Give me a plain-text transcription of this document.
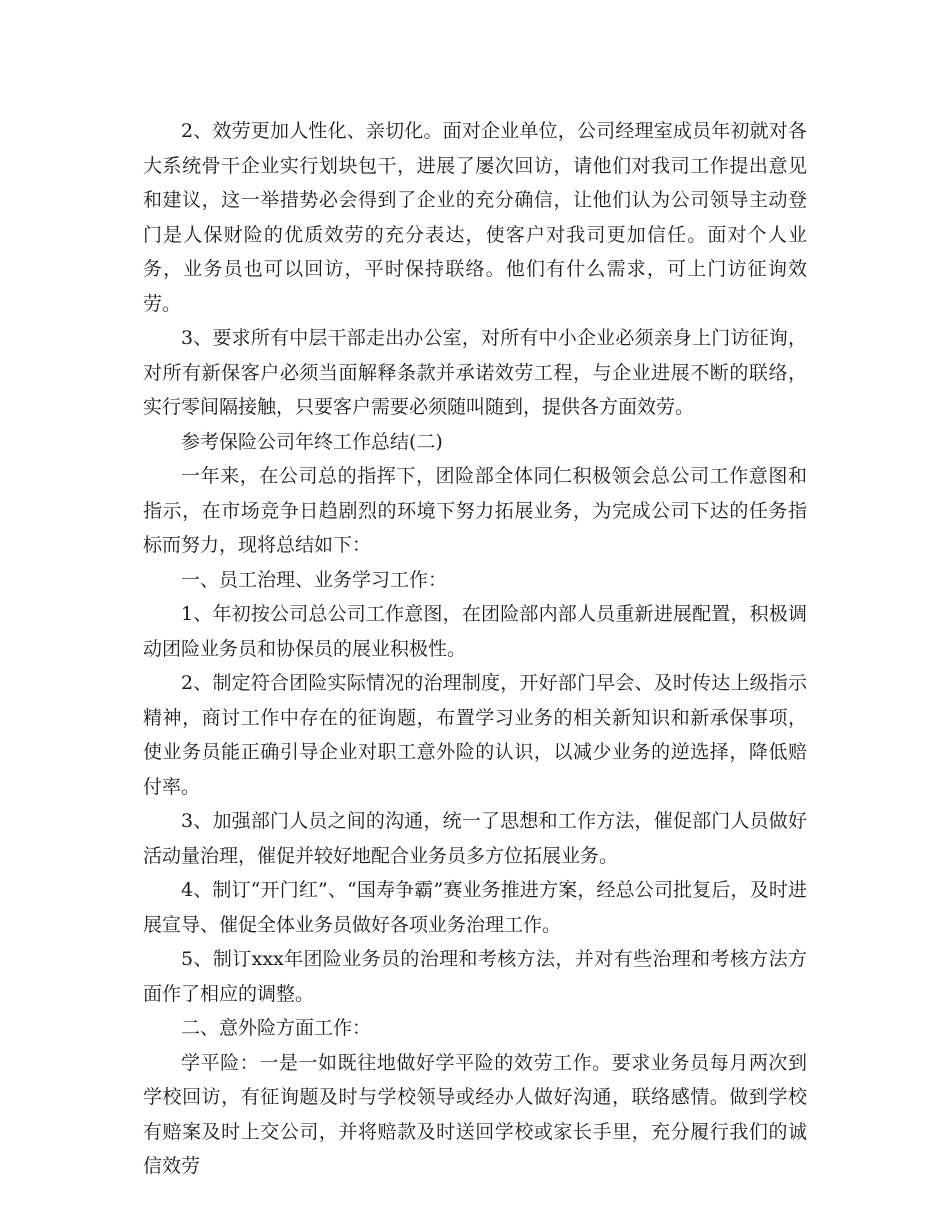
2、效劳更加人性化、亲切化。面对企业单位，公司经理室成员年初就对各大系统骨干企业实行划块包干，进展了屡次回访，请他们对我司工作提出意见和建议，这一举措势必会得到了企业的充分确信，让他们认为公司领导主动登门是人保财险的优质效劳的充分表达，使客户对我司更加信任。面对个人业务，业务员也可以回访，平时保持联络。他们有什么需求，可上门访征询效劳。

3、要求所有中层干部走出办公室，对所有中小企业必须亲身上门访征询，对所有新保客户必须当面解释条款并承诺效劳工程，与企业进展不断的联络，实行零间隔接触，只要客户需要必须随叫随到，提供各方面效劳。

参考保险公司年终工作总结(二)

一年来，在公司总的指挥下，团险部全体同仁积极领会总公司工作意图和指示，在市场竞争日趋剧烈的环境下努力拓展业务，为完成公司下达的任务指标而努力，现将总结如下：

一、员工治理、业务学习工作：

1、年初按公司总公司工作意图，在团险部内部人员重新进展配置，积极调动团险业务员和协保员的展业积极性。

2、制定符合团险实际情况的治理制度，开好部门早会、及时传达上级指示精神，商讨工作中存在的征询题，布置学习业务的相关新知识和新承保事项，使业务员能正确引导企业对职工意外险的认识，以减少业务的逆选择，降低赔付率。

3、加强部门人员之间的沟通，统一了思想和工作方法，催促部门人员做好活动量治理，催促并较好地配合业务员多方位拓展业务。

4、制订“开门红”、“国寿争霸”赛业务推进方案，经总公司批复后，及时进展宣导、催促全体业务员做好各项业务治理工作。

5、制订xxx年团险业务员的治理和考核方法，并对有些治理和考核方法方面作了相应的调整。

二、意外险方面工作：

学平险：一是一如既往地做好学平险的效劳工作。要求业务员每月两次到学校回访，有征询题及时与学校领导或经办人做好沟通，联络感情。做到学校有赔案及时上交公司，并将赔款及时送回学校或家长手里，充分履行我们的诚信效劳
